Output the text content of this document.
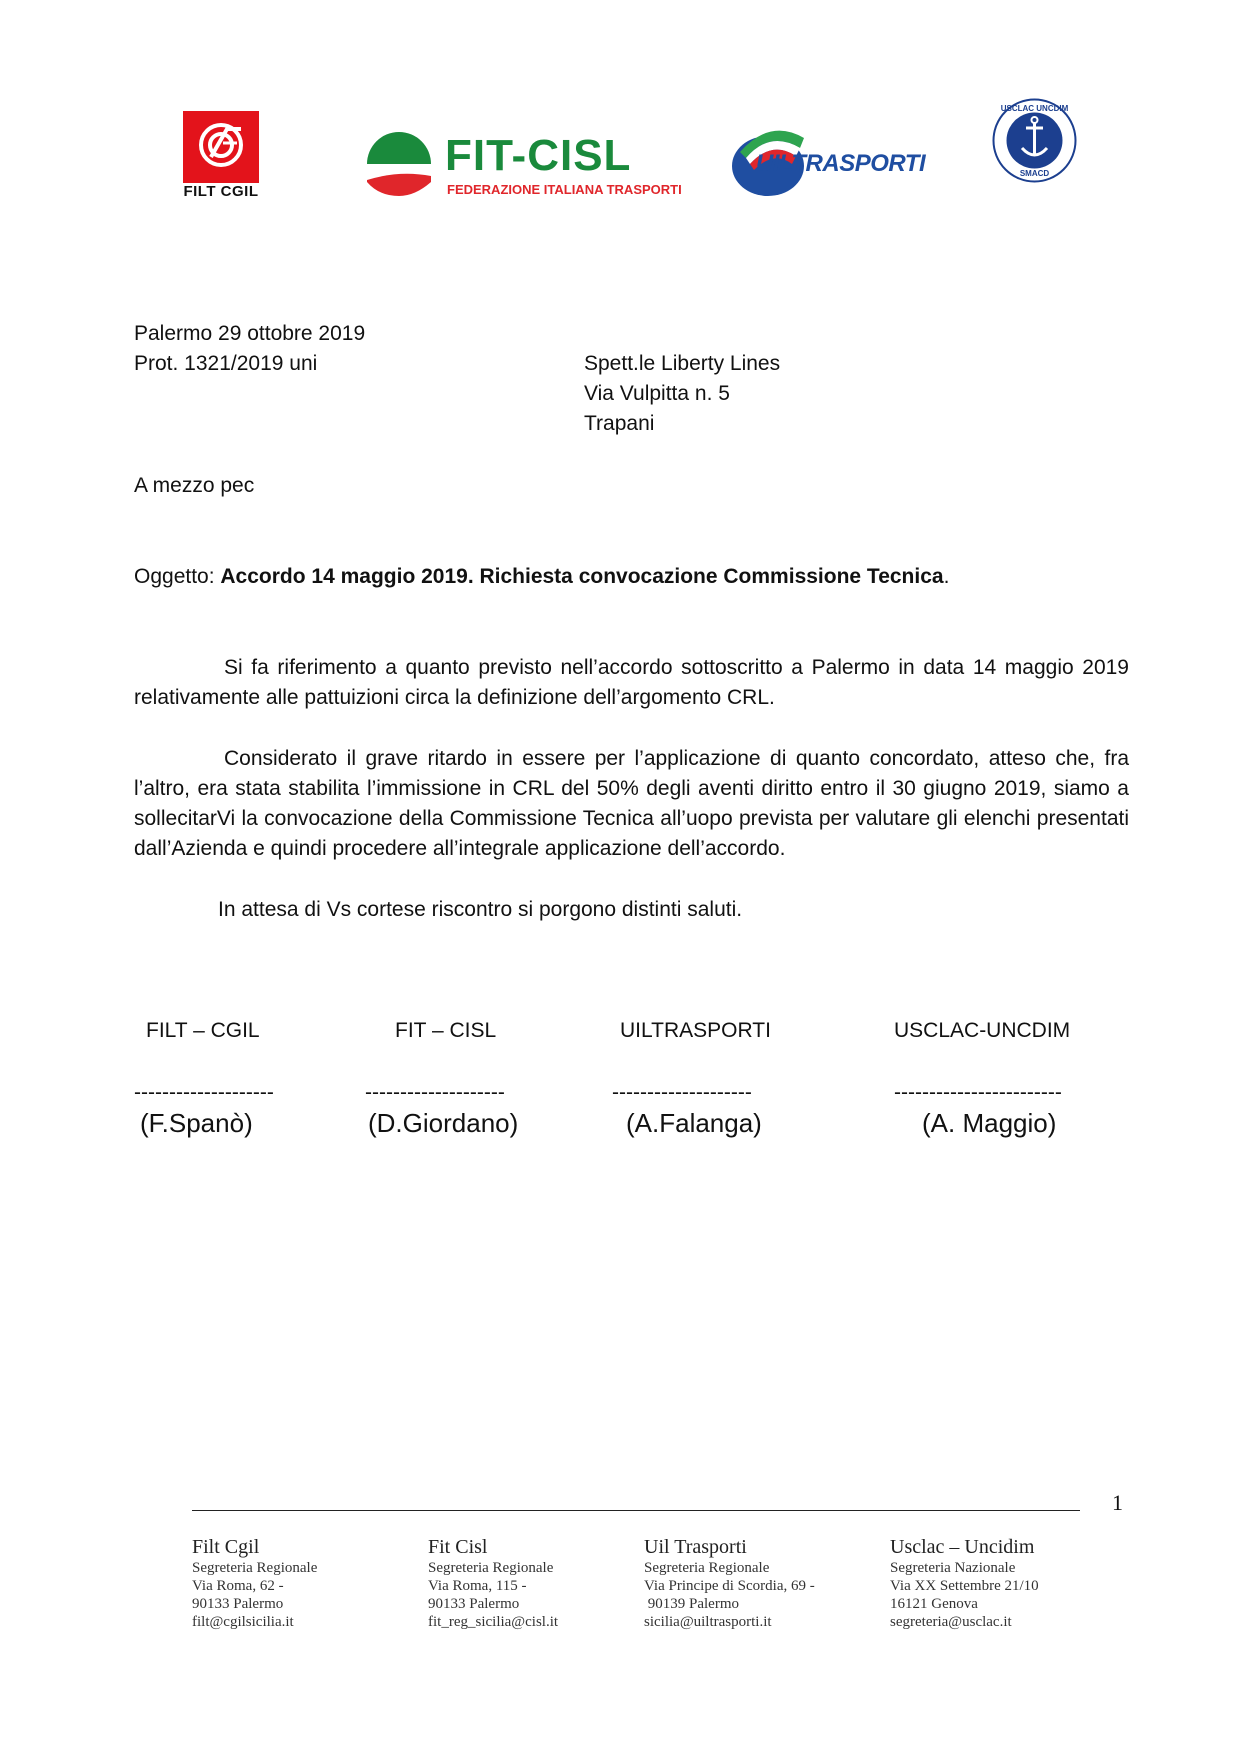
FILT CGIL
FIT-CISL
FEDERAZIONE ITALIANA TRASPORTI
UILTRASPORTI
USCLAC UNCDIM
SMACD
Palermo 29 ottobre 2019
Prot. 1321/2019 uni	Spett.le Liberty Lines
Via Vulpitta n. 5
Trapani
A mezzo pec
Oggetto: Accordo 14 maggio 2019. Richiesta convocazione Commissione Tecnica.
Si fa riferimento a quanto previsto nell’accordo sottoscritto a Palermo in data 14 maggio 2019 relativamente alle pattuizioni circa la definizione dell’argomento CRL.
Considerato il grave ritardo in essere per l’applicazione di quanto concordato, atteso che, fra l’altro, era stata stabilita l’immissione in CRL del 50% degli aventi diritto entro il 30 giugno 2019, siamo a sollecitarVi la convocazione della Commissione Tecnica all’uopo prevista per valutare gli elenchi presentati dall’Azienda e quindi procedere all’integrale applicazione dell’accordo.
In attesa di Vs cortese riscontro si porgono distinti saluti.
FILT – CGIL	FIT – CISL	UILTRASPORTI	USCLAC-UNCDIM
--------------------	--------------------	--------------------	------------------------
(F.Spanò)	(D.Giordano)	(A.Falanga)	(A. Maggio)
1
Filt Cgil
Segreteria Regionale
Via Roma, 62 -
90133 Palermo
filt@cgilsicilia.it
Fit Cisl
Segreteria Regionale
Via Roma, 115 -
90133 Palermo
fit_reg_sicilia@cisl.it
Uil Trasporti
Segreteria Regionale
Via Principe di Scordia, 69 -
90139 Palermo
sicilia@uiltrasporti.it
Usclac – Uncidim
Segreteria Nazionale
Via XX Settembre 21/10
16121 Genova
segreteria@usclac.it
